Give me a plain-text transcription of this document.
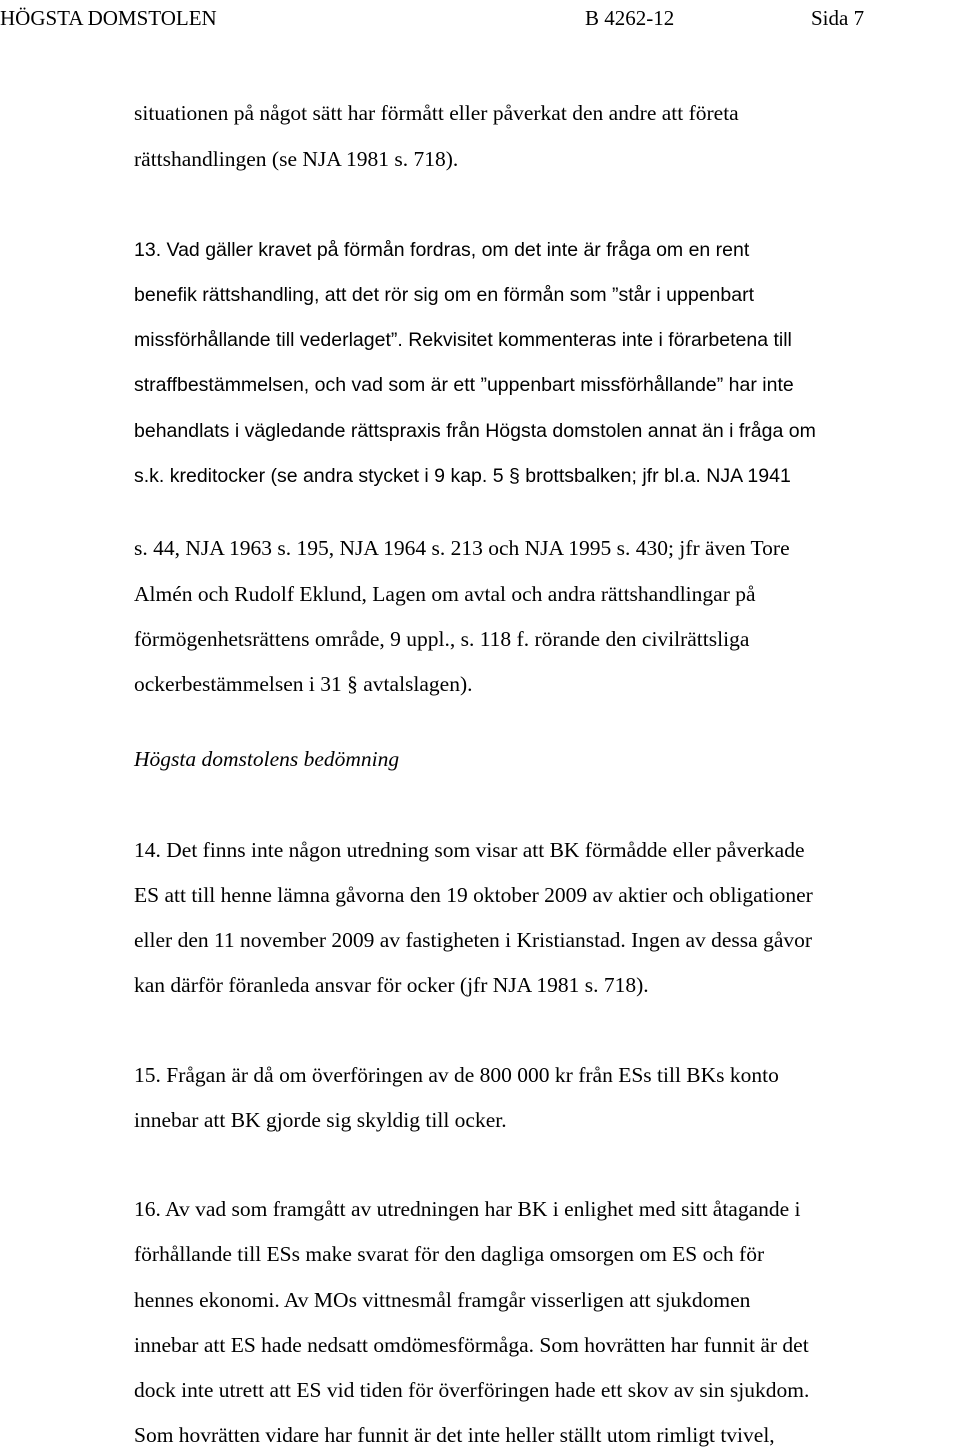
HÖGSTA DOMSTOLEN	B 4262-12	Sida 7
situationen på något sätt har förmått eller påverkat den andre att företa
rättshandlingen (se NJA 1981 s. 718).
13. Vad gäller kravet på förmån fordras, om det inte är fråga om en rent
benefik rättshandling, att det rör sig om en förmån som ”står i uppenbart
missförhållande till vederlaget”. Rekvisitet kommenteras inte i förarbetena till
straffbestämmelsen, och vad som är ett ”uppenbart missförhållande” har inte
behandlats i vägledande rättspraxis från Högsta domstolen annat än i fråga om
s.k. kreditocker (se andra stycket i 9 kap. 5 § brottsbalken; jfr bl.a. NJA 1941
s. 44, NJA 1963 s. 195, NJA 1964 s. 213 och NJA 1995 s. 430; jfr även Tore
Almén och Rudolf Eklund, Lagen om avtal och andra rättshandlingar på
förmögenhetsrättens område, 9 uppl., s. 118 f. rörande den civilrättsliga
ockerbestämmelsen i 31 § avtalslagen).
Högsta domstolens bedömning
14. Det finns inte någon utredning som visar att BK förmådde eller påverkade
ES att till henne lämna gåvorna den 19 oktober 2009 av aktier och obligationer
eller den 11 november 2009 av fastigheten i Kristianstad. Ingen av dessa gåvor
kan därför föranleda ansvar för ocker (jfr NJA 1981 s. 718).
15. Frågan är då om överföringen av de 800 000 kr från ESs till BKs konto
innebar att BK gjorde sig skyldig till ocker.
16. Av vad som framgått av utredningen har BK i enlighet med sitt åtagande i
förhållande till ESs make svarat för den dagliga omsorgen om ES och för
hennes ekonomi. Av MOs vittnesmål framgår visserligen att sjukdomen
innebar att ES hade nedsatt omdömesförmåga. Som hovrätten har funnit är det
dock inte utrett att ES vid tiden för överföringen hade ett skov av sin sjukdom.
Som hovrätten vidare har funnit är det inte heller ställt utom rimligt tvivel,
